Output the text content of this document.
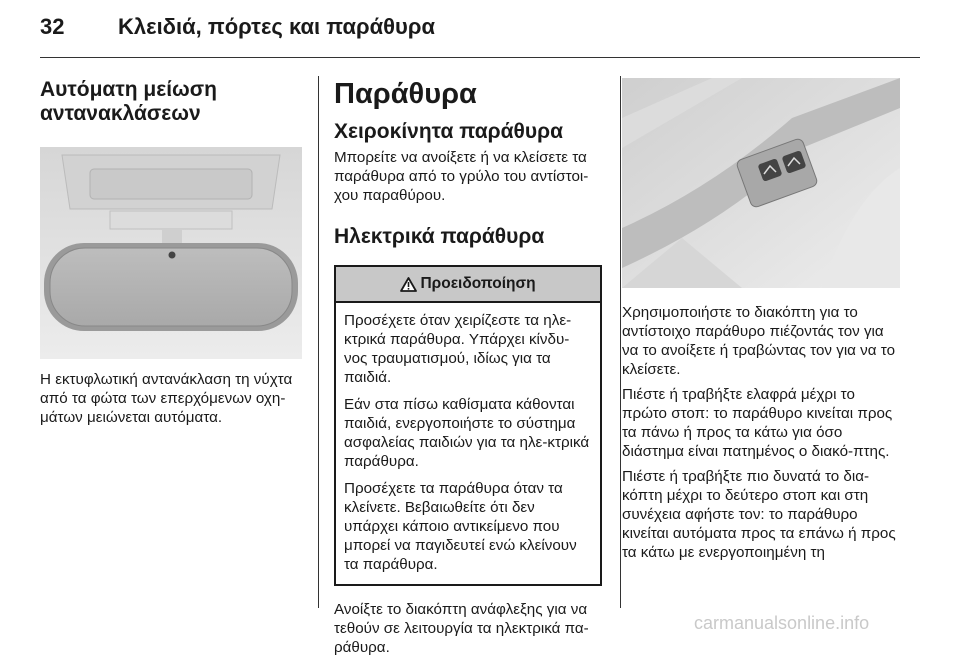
32 Κλειδιά, πόρτες και παράθυρα
Αυτόματη μείωση αντανακλάσεων

Η εκτυφλωτική αντανάκλαση τη νύχτα από τα φώτα των επερχόμενων οχη-μάτων μειώνεται αυτόματα.

Παράθυρα
Χειροκίνητα παράθυρα

Μπορείτε να ανοίξετε ή να κλείσετε τα παράθυρα από το γρύλο του αντίστοι-χου παραθύρου.

Ηλεκτρικά παράθυρα
Προειδοποίηση

Προσέχετε όταν χειρίζεστε τα ηλε-κτρικά παράθυρα. Υπάρχει κίνδυ-νος τραυματισμού, ιδίως για τα παιδιά.

Εάν στα πίσω καθίσματα κάθονται παιδιά, ενεργοποιήστε το σύστημα ασφαλείας παιδιών για τα ηλε-κτρικά παράθυρα.

Προσέχετε τα παράθυρα όταν τα κλείνετε. Βεβαιωθείτε ότι δεν υπάρχει κάποιο αντικείμενο που μπορεί να παγιδευτεί ενώ κλείνουν τα παράθυρα.

Ανοίξτε το διακόπτη ανάφλεξης για να τεθούν σε λειτουργία τα ηλεκτρικά πα-ράθυρα.

Χρησιμοποιήστε το διακόπτη για το αντίστοιχο παράθυρο πιέζοντάς τον για να το ανοίξετε ή τραβώντας τον για να το κλείσετε.

Πιέστε ή τραβήξτε ελαφρά μέχρι το πρώτο στοπ: το παράθυρο κινείται προς τα πάνω ή προς τα κάτω για όσο διάστημα είναι πατημένος ο διακό-πτης.

Πιέστε ή τραβήξτε πιο δυνατά το δια-κόπτη μέχρι το δεύτερο στοπ και στη συνέχεια αφήστε τον: το παράθυρο κινείται αυτόματα προς τα επάνω ή προς τα κάτω με ενεργοποιημένη τη

carmanualsonline.info
